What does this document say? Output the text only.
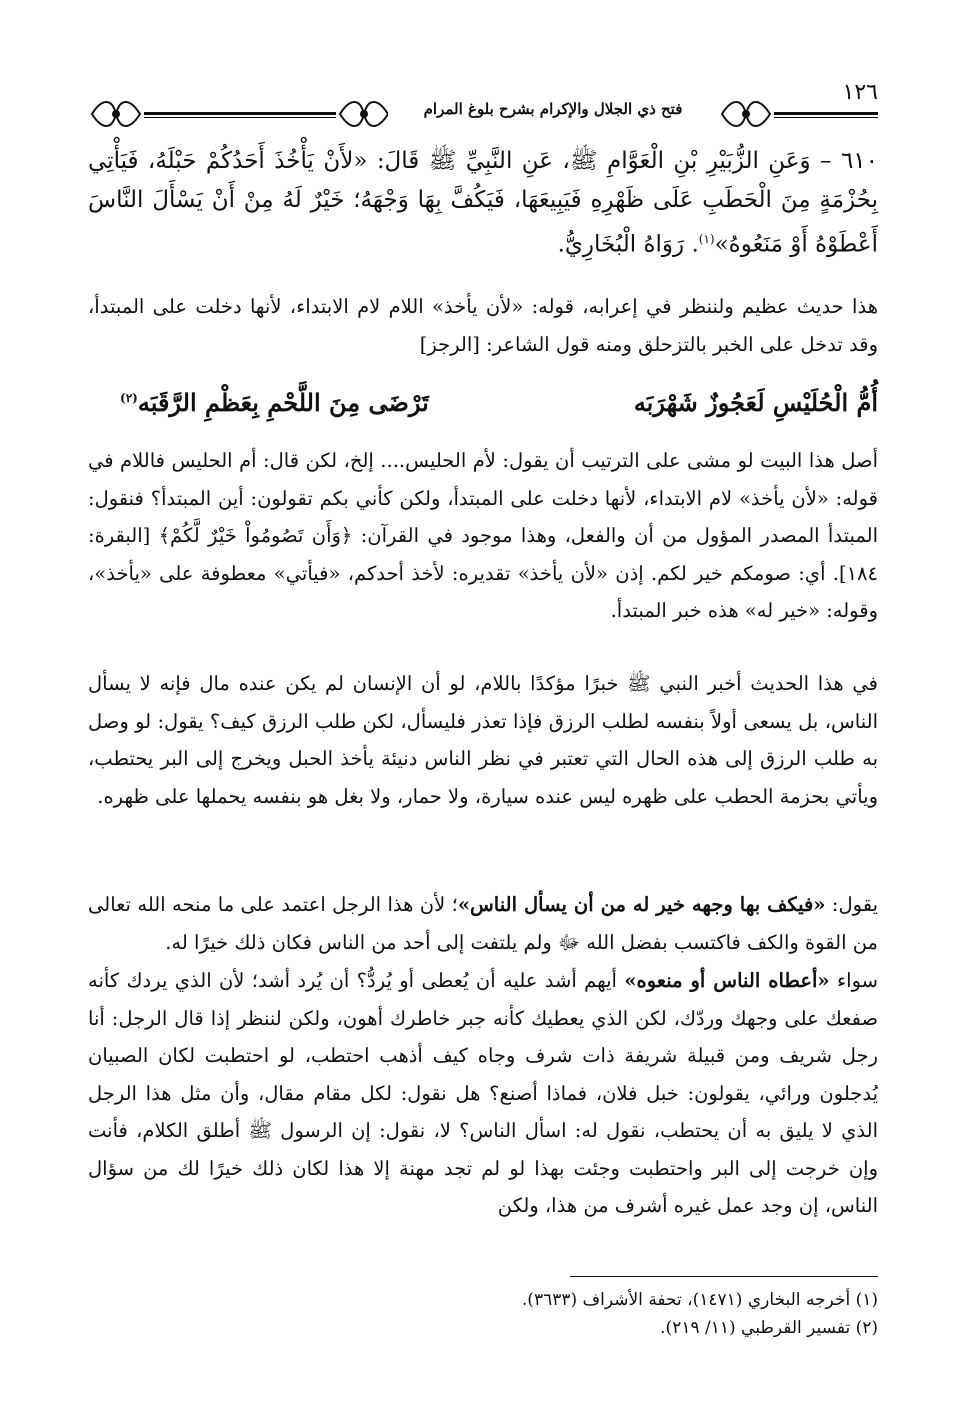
فتح ذي الجلال والإكرام بشرح بلوغ المرام
١٢٦
٦١٠ – وَعَنِ الزُّبَيْرِ بْنِ الْعَوَّامِ ﷺ، عَنِ النَّبِيِّ ﷺ قَالَ: «لأَنْ يَأْخُذَ أَحَدُكُمْ حَبْلَهُ، فَيَأْتِي بِحُزْمَةٍ مِنَ الْحَطَبِ عَلَى ظَهْرِهِ فَيَبِيعَهَا، فَيَكُفَّ بِهَا وَجْهَهُ؛ خَيْرٌ لَهُ مِنْ أَنْ يَسْأَلَ النَّاسَ أَعْطَوْهُ أَوْ مَنَعُوهُ»$^{(١)}$. رَوَاهُ الْبُخَارِيُّ.
هذا حديث عظيم ولننظر في إعرابه، قوله: «لأن يأخذ» اللام لام الابتداء، لأنها دخلت على المبتدأ، وقد تدخل على الخبر بالتزحلق ومنه قول الشاعر: [الرجز]
أُمُّ الْحُلَيْسِ لَعَجُوزٌ شَهْرَبَه
تَرْضَى مِنَ اللَّحْمِ بِعَظْمِ الرَّقَبَه$^{(٢)}$
أصل هذا البيت لو مشى على الترتيب أن يقول: لأم الحليس.... إلخ، لكن قال: أم الحليس فاللام في قوله: «لأن يأخذ» لام الابتداء، لأنها دخلت على المبتدأ، ولكن كأني بكم تقولون: أين المبتدأ؟ فنقول: المبتدأ المصدر المؤول من أن والفعل، وهذا موجود في القرآن: ﴿وَأَن تَصُومُواْ خَيْرٌ لَّكُمْ﴾ [البقرة: ١٨٤]. أي: صومكم خير لكم. إذن «لأن يأخذ» تقديره: لأخذ أحدكم، «فيأتي» معطوفة على «يأخذ»، وقوله: «خير له» هذه خبر المبتدأ.
في هذا الحديث أخبر النبي ﷺ خبرًا مؤكدًا باللام، لو أن الإنسان لم يكن عنده مال فإنه لا يسأل الناس، بل يسعى أولاً بنفسه لطلب الرزق فإذا تعذر فليسأل، لكن طلب الرزق كيف؟ يقول: لو وصل به طلب الرزق إلى هذه الحال التي تعتبر في نظر الناس دنيئة يأخذ الحبل ويخرج إلى البر يحتطب، ويأتي بحزمة الحطب على ظهره ليس عنده سيارة، ولا حمار، ولا بغل هو بنفسه يحملها على ظهره.
يقول: «فيكف بها وجهه خير له من أن يسأل الناس»؛ لأن هذا الرجل اعتمد على ما منحه الله تعالى من القوة والكف فاكتسب بفضل الله ﷻ ولم يلتفت إلى أحد من الناس فكان ذلك خيرًا له.
سواء «أعطاه الناس أو منعوه» أيهم أشد عليه أن يُعطى أو يُردُّ؟ أن يُرد أشد؛ لأن الذي يردك كأنه صفعك على وجهك وردّك، لكن الذي يعطيك كأنه جبر خاطرك أهون، ولكن لننظر إذا قال الرجل: أنا رجل شريف ومن قبيلة شريفة ذات شرف وجاه كيف أذهب احتطب، لو احتطبت لكان الصبيان يُدجلون ورائي، يقولون: خبل فلان، فماذا أصنع؟ هل نقول: لكل مقام مقال، وأن مثل هذا الرجل الذي لا يليق به أن يحتطب، نقول له: اسأل الناس؟ لا، نقول: إن الرسول ﷺ أطلق الكلام، فأنت وإن خرجت إلى البر واحتطبت وجئت بهذا لو لم تجد مهنة إلا هذا لكان ذلك خيرًا لك من سؤال الناس، إن وجد عمل غيره أشرف من هذا، ولكن
(١) أخرجه البخاري (١٤٧١)، تحفة الأشراف (٣٦٣٣).
(٢) تفسير القرطبي (١١/ ٢١٩).
